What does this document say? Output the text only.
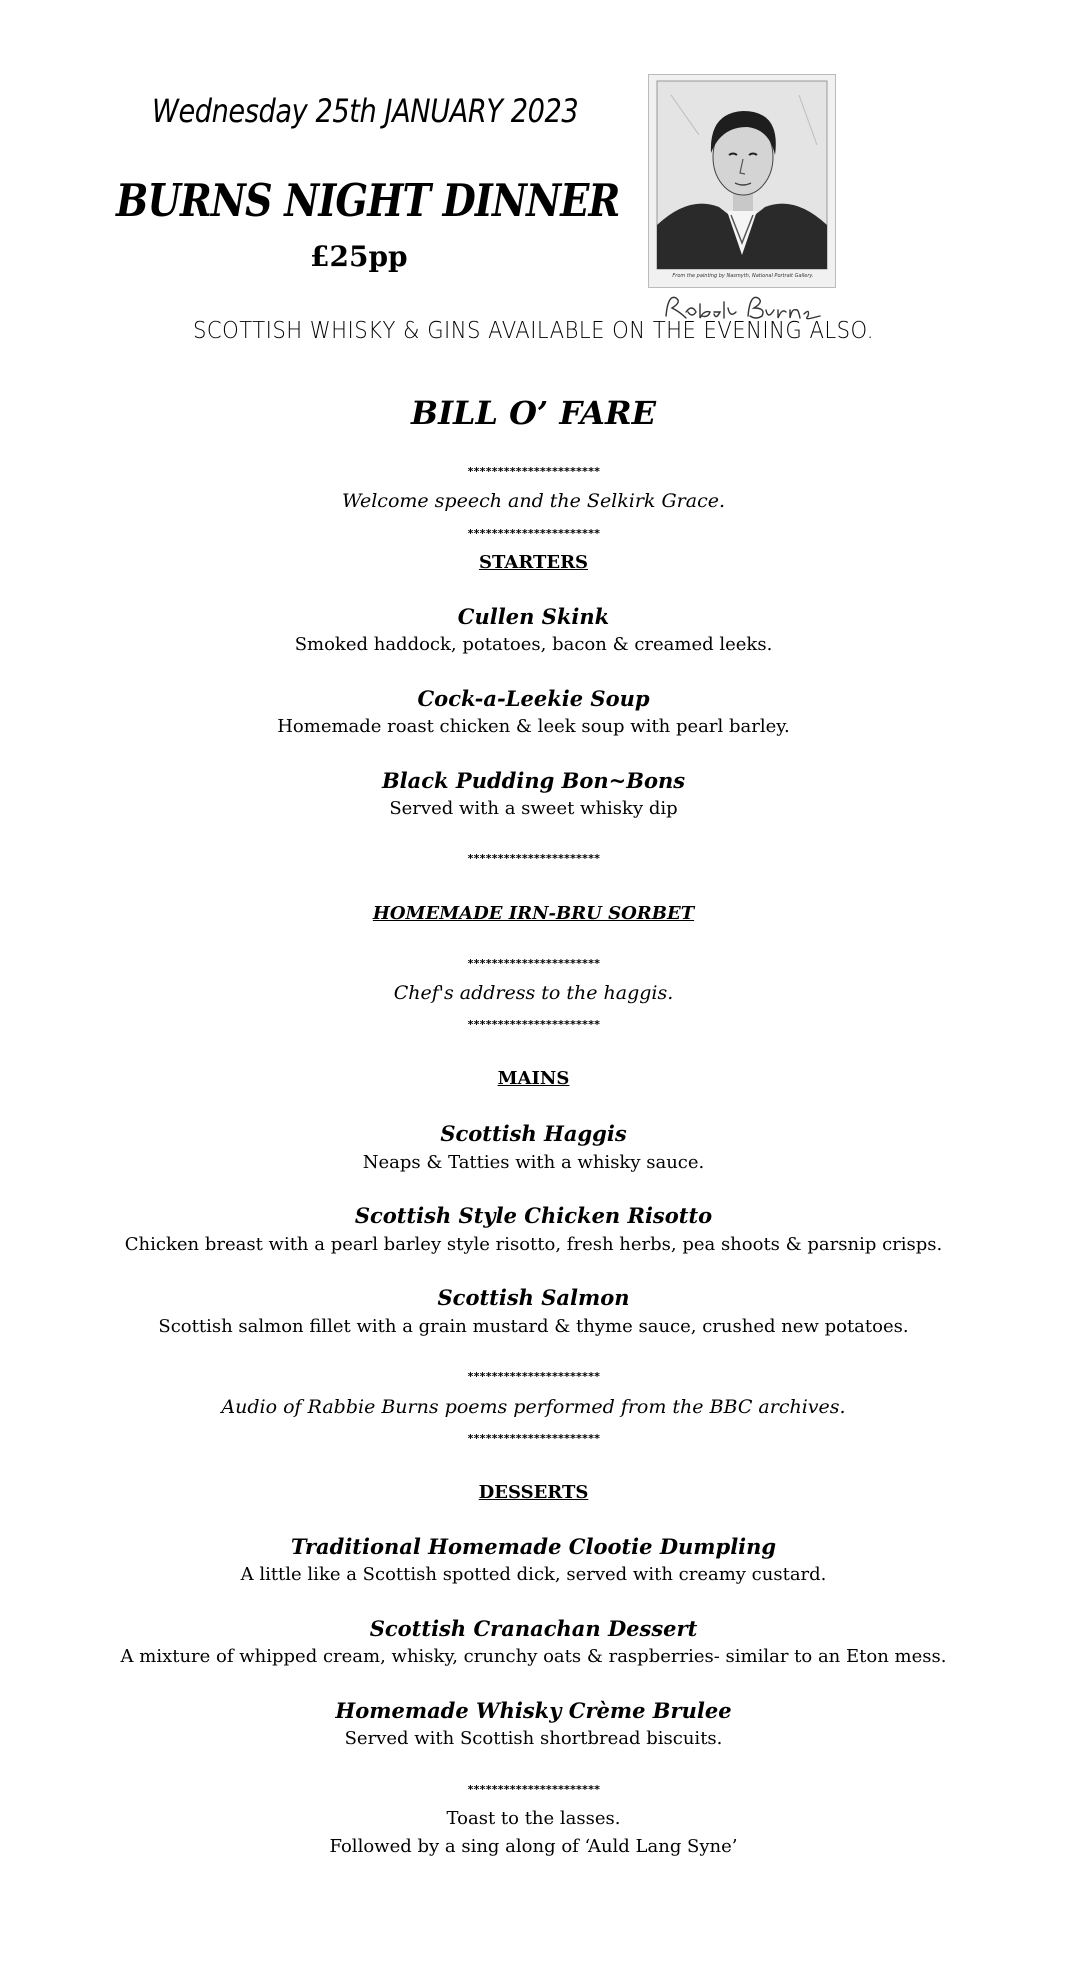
Wednesday 25th JANUARY 2023
BURNS NIGHT DINNER
£25pp
From the painting by Nasmyth, National Portrait Gallery.
SCOTTISH WHISKY & GINS AVAILABLE ON THE EVENING ALSO.
BILL O’ FARE
**********************
Welcome speech and the Selkirk Grace.
**********************
STARTERS
Cullen Skink
Smoked haddock, potatoes, bacon & creamed leeks.
Cock-a-Leekie Soup
Homemade roast chicken & leek soup with pearl barley.
Black Pudding Bon~Bons
Served with a sweet whisky dip
**********************
HOMEMADE IRN-BRU SORBET
**********************
Chef's address to the haggis.
**********************
MAINS
Scottish Haggis
Neaps & Tatties with a whisky sauce.
Scottish Style Chicken Risotto
Chicken breast with a pearl barley style risotto, fresh herbs, pea shoots & parsnip crisps.
Scottish Salmon
Scottish salmon fillet with a grain mustard & thyme sauce, crushed new potatoes.
**********************
Audio of Rabbie Burns poems performed from the BBC archives.
**********************
DESSERTS
Traditional Homemade Clootie Dumpling
A little like a Scottish spotted dick, served with creamy custard.
Scottish Cranachan Dessert
A mixture of whipped cream, whisky, crunchy oats & raspberries- similar to an Eton mess.
Homemade Whisky Crème Brulee
Served with Scottish shortbread biscuits.
**********************
Toast to the lasses.
Followed by a sing along of ‘Auld Lang Syne’
